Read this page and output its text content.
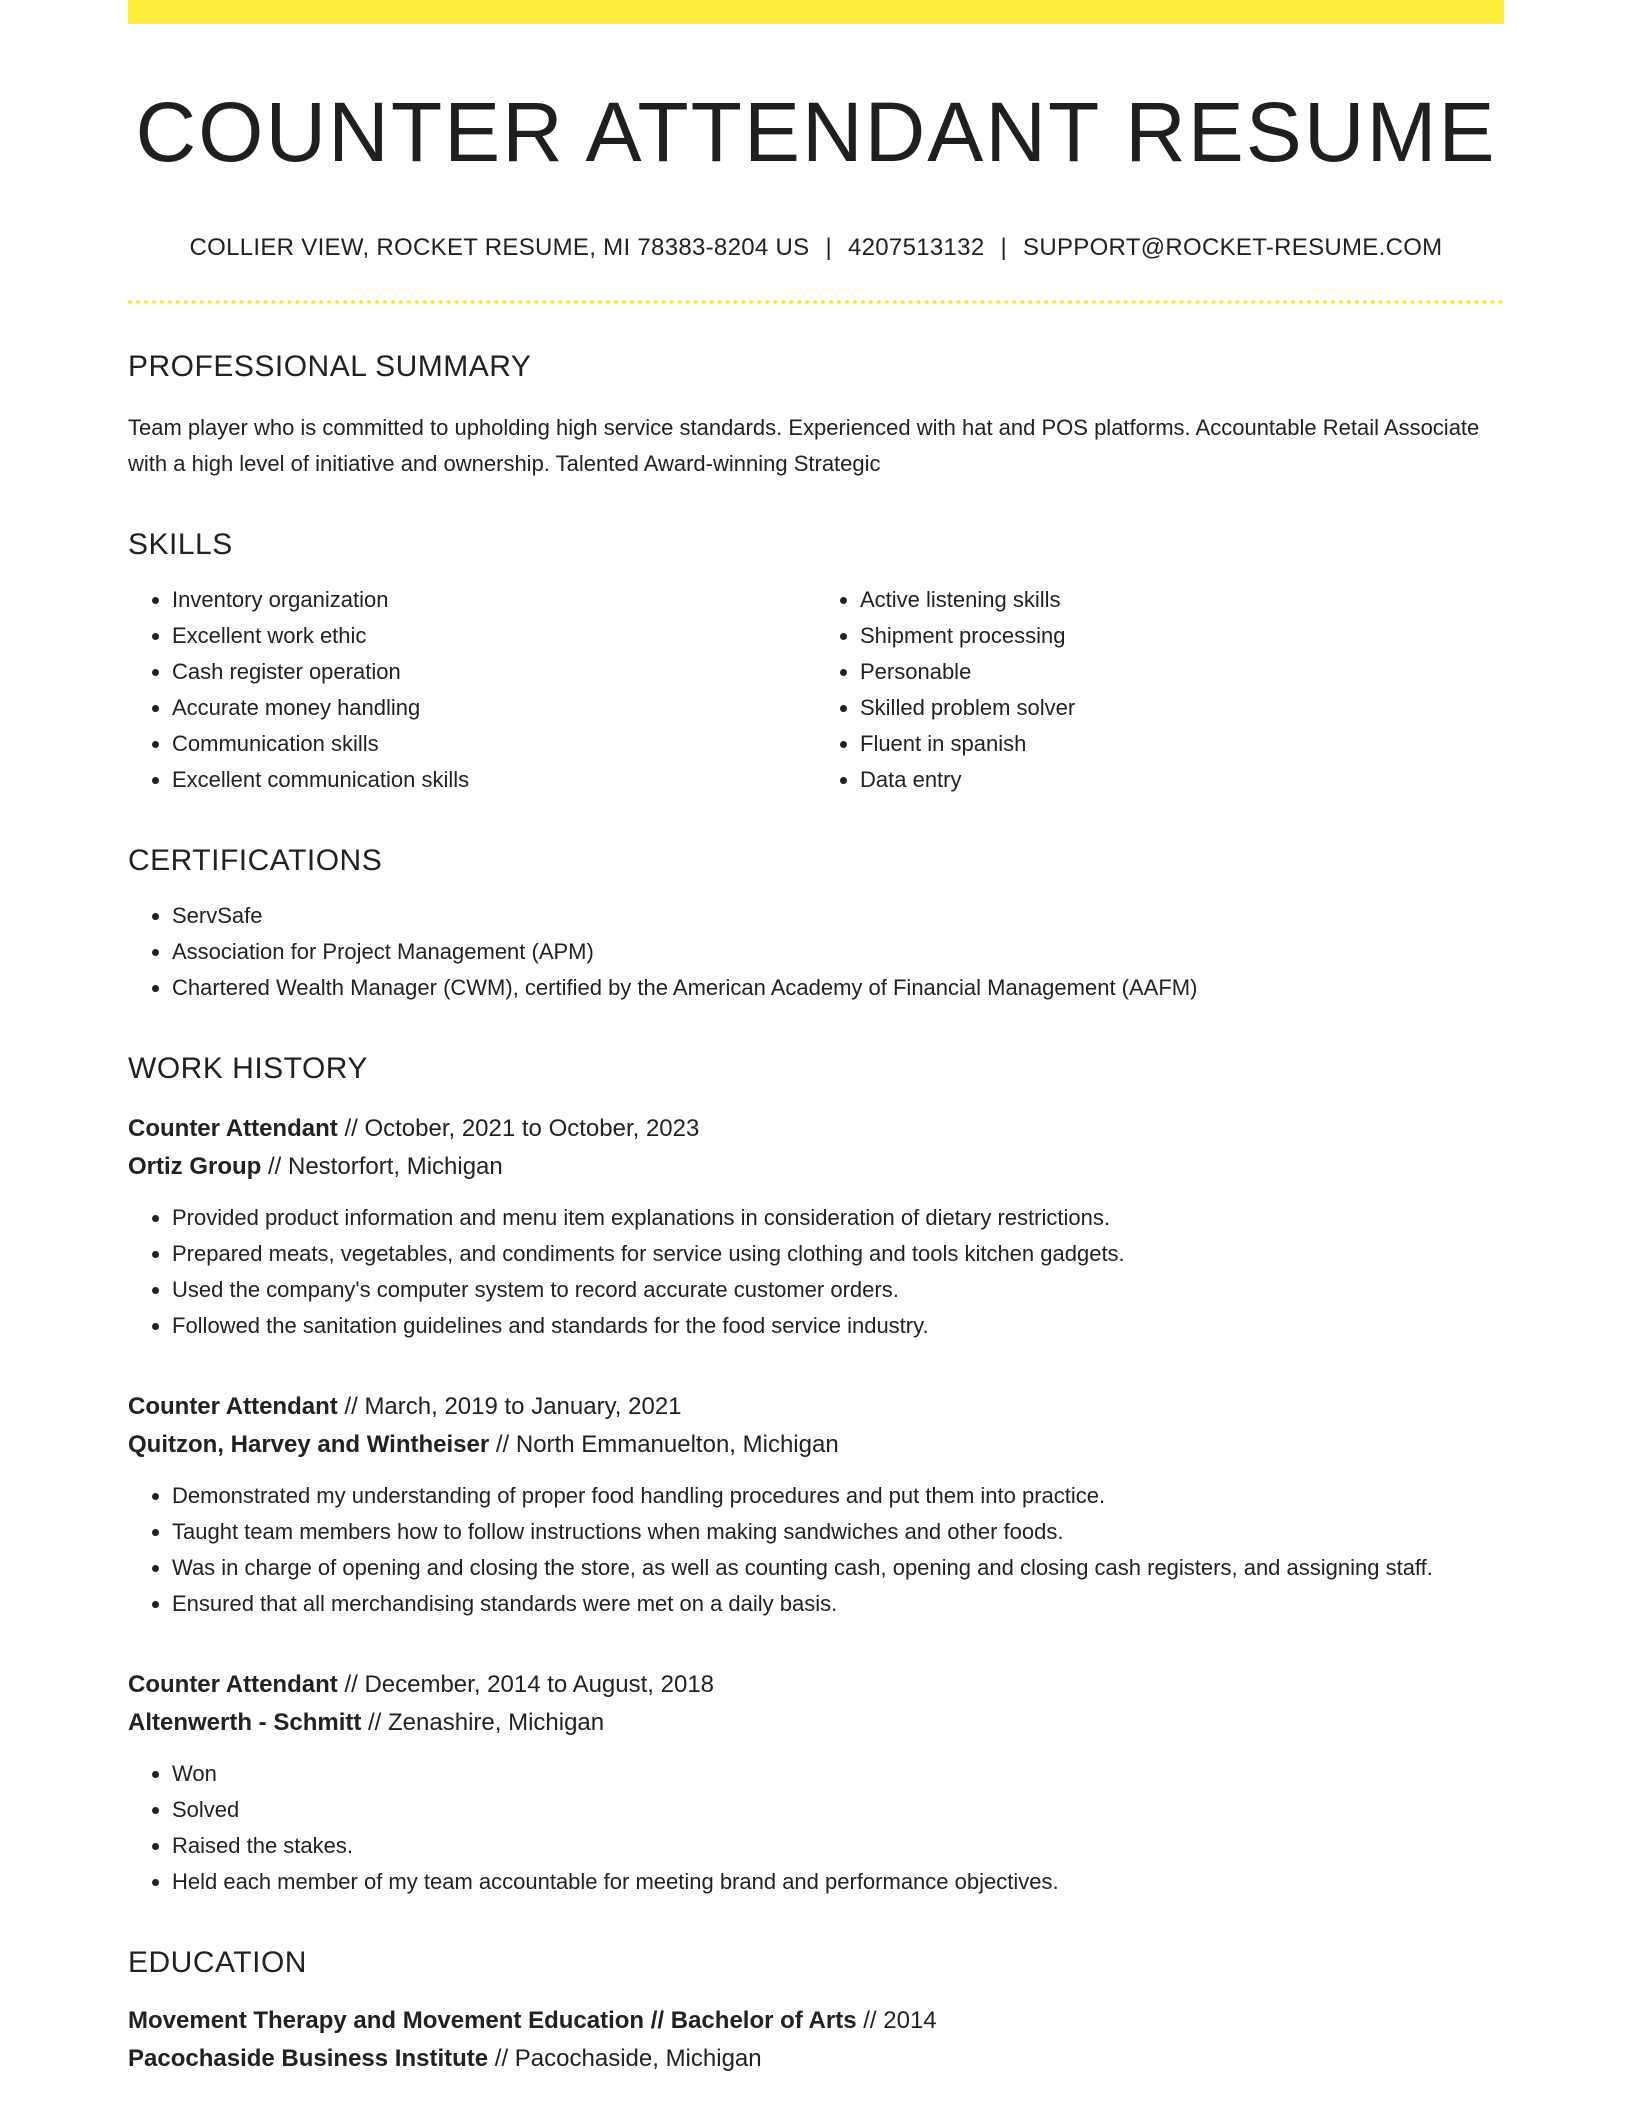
COUNTER ATTENDANT RESUME
COLLIER VIEW, ROCKET RESUME, MI 78383-8204 US | 4207513132 | SUPPORT@ROCKET-RESUME.COM
PROFESSIONAL SUMMARY

Team player who is committed to upholding high service standards. Experienced with hat and POS platforms. Accountable Retail Associate with a high level of initiative and ownership. Talented Award-winning Strategic

SKILLS
• Inventory organization
• Excellent work ethic
• Cash register operation
• Accurate money handling
• Communication skills
• Excellent communication skills
• Active listening skills
• Shipment processing
• Personable
• Skilled problem solver
• Fluent in spanish
• Data entry
CERTIFICATIONS
• ServSafe
• Association for Project Management (APM)
• Chartered Wealth Manager (CWM), certified by the American Academy of Financial Management (AAFM)
WORK HISTORY
Counter Attendant // October, 2021 to October, 2023
Ortiz Group // Nestorfort, Michigan
• Provided product information and menu item explanations in consideration of dietary restrictions.
• Prepared meats, vegetables, and condiments for service using clothing and tools kitchen gadgets.
• Used the company's computer system to record accurate customer orders.
• Followed the sanitation guidelines and standards for the food service industry.
Counter Attendant // March, 2019 to January, 2021
Quitzon, Harvey and Wintheiser // North Emmanuelton, Michigan
• Demonstrated my understanding of proper food handling procedures and put them into practice.
• Taught team members how to follow instructions when making sandwiches and other foods.
• Was in charge of opening and closing the store, as well as counting cash, opening and closing cash registers, and assigning staff.
• Ensured that all merchandising standards were met on a daily basis.
Counter Attendant // December, 2014 to August, 2018
Altenwerth - Schmitt // Zenashire, Michigan
• Won
• Solved
• Raised the stakes.
• Held each member of my team accountable for meeting brand and performance objectives.
EDUCATION
Movement Therapy and Movement Education // Bachelor of Arts // 2014
Pacochaside Business Institute // Pacochaside, Michigan
